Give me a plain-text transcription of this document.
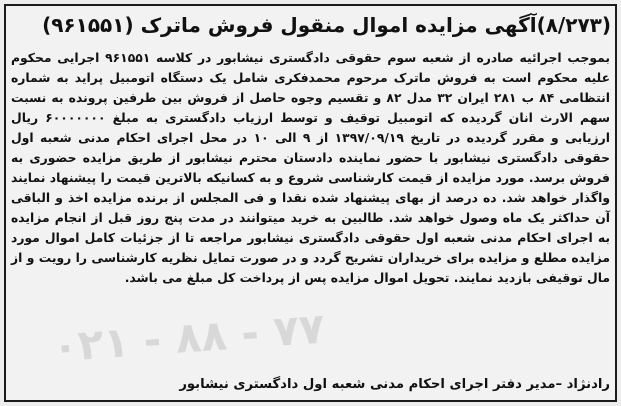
(۸/۲۷۳)آگهی مزایده اموال منقول فروش ماترک (۹۶۱۵۵۱)
بموجب اجرائیه صادره از شعبه سوم حقوقی دادگستری نیشابور در کلاسه ۹۶۱۵۵۱ اجرایی محکوم علیه محکوم است به فروش ماترک مرحوم محمدفکری شامل یک دستگاه اتومبیل پراید به شماره انتظامی ۸۴ ب ۲۸۱ ایران ۳۲ مدل ۸۲ و تقسیم وجوه حاصل از فروش بین طرفین پرونده به نسبت سهم الارث انان گردیده که اتومبیل توقیف و توسط ارزیاب دادگستری به مبلغ ۶۰۰۰۰۰۰۰ ریال ارزیابی و مقرر گردیده در تاریخ ۱۳۹۷/۰۹/۱۹ از ۹ الی ۱۰ در محل اجرای احکام مدنی شعبه اول حقوقی دادگستری نیشابور با حضور نماینده دادستان محترم نیشابور از طریق مزایده حضوری به فروش برسد. مورد مزایده از قیمت کارشناسی شروع و به کسانیکه بالاترین قیمت را پیشنهاد نمایند واگذار خواهد شد. ده درصد از بهای پیشنهاد شده نقدا و فی المجلس از برنده مزایده اخذ و الباقی آن حداکثر یک ماه وصول خواهد شد. طالبین به خرید میتوانند در مدت پنج روز قبل از انجام مزایده به اجرای احکام مدنی شعبه اول حقوقی دادگستری نیشابور مراجعه تا از جزئیات کامل اموال مورد مزایده مطلع و مزایده برای خریداران تشریح گردد و در صورت تمایل نظریه کارشناسی را رویت و از مال توقیفی بازدید نمایند. تحویل اموال مزایده پس از پرداخت کل مبلغ می باشد.
۰۲۱ - ۸۸ - ۷۷
رادنژاد –مدیر دفتر اجرای احکام مدنی شعبه اول دادگستری نیشابور
